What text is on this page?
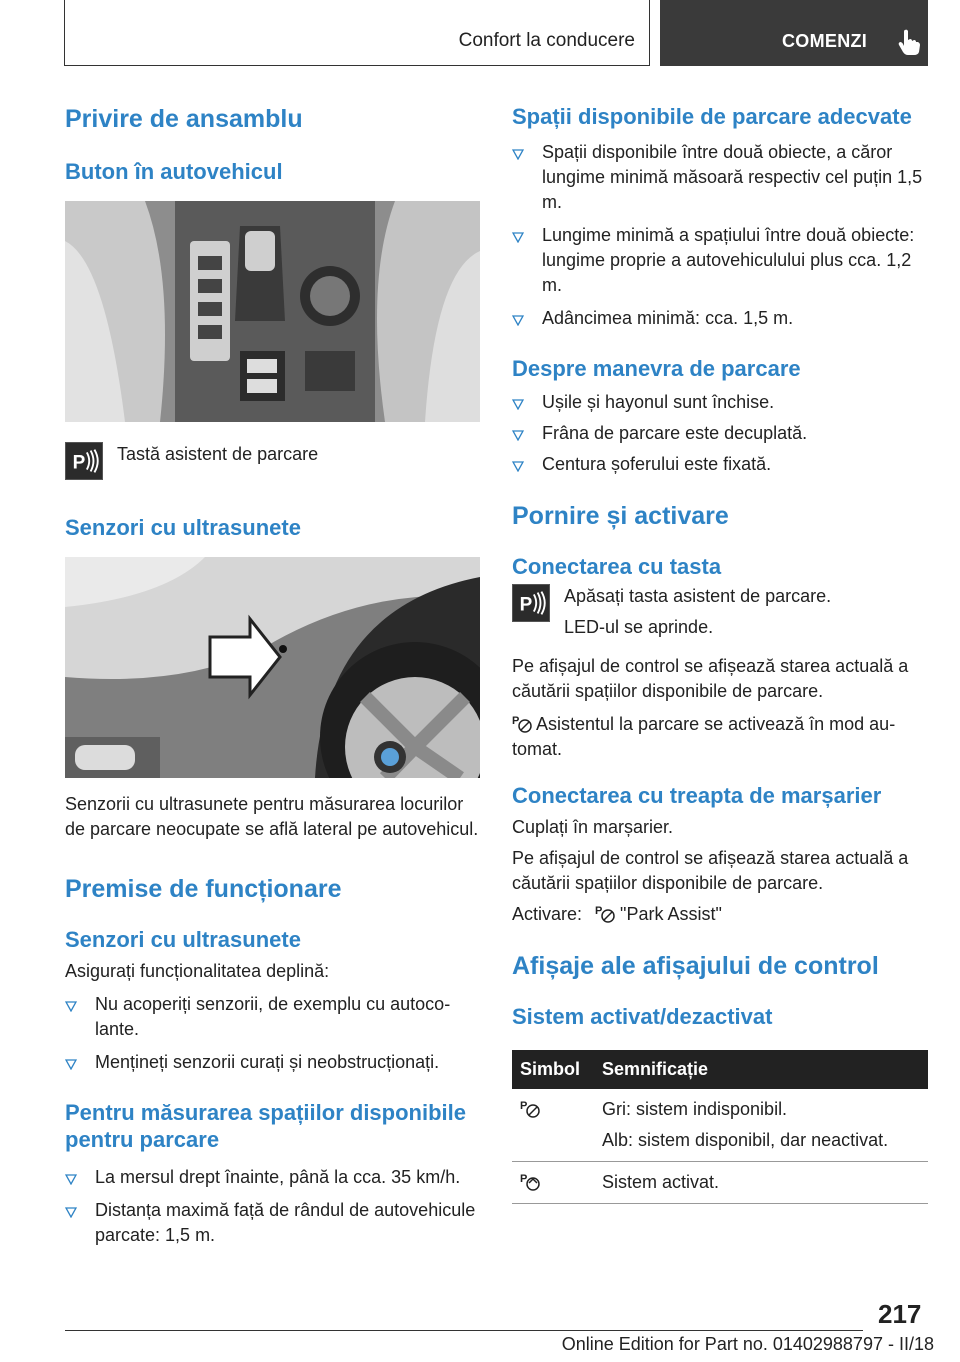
Confort la conducere	COMENZI
Privire de ansamblu
Buton în autovehicul
P	Tastă asistent de parcare
Senzori cu ultrasunete
Senzorii cu ultrasunete pentru măsurarea locurilor de parcare neocupate se află lateral pe autovehicul.
Premise de funcționare
Senzori cu ultrasunete
Asigurați funcționalitatea deplină:
Nu acoperiți senzorii, de exemplu cu autocolante.
Mențineți senzorii curați și neobstrucționați.
Pentru măsurarea spațiilor disponibile pentru parcare
La mersul drept înainte, până la cca. 35 km/h.
Distanța maximă față de rândul de autovehicule parcate: 1,5 m.
Spații disponibile de parcare adecvate
Spații disponibile între două obiecte, a căror lungime minimă măsoară respectiv cel puțin 1,5 m.
Lungime minimă a spațiului între două obiecte: lungime proprie a autovehiculului plus cca. 1,2 m.
Adâncimea minimă: cca. 1,5 m.
Despre manevra de parcare
Ușile și hayonul sunt închise.
Frâna de parcare este decuplată.
Centura șoferului este fixată.
Pornire și activare
Conectarea cu tasta
P	Apăsați tasta asistent de parcare.
LED-ul se aprinde.
Pe afișajul de control se afișează starea actuală a căutării spațiilor disponibile de parcare.
P Asistentul la parcare se activează în mod automat.
Conectarea cu treapta de marșarier
Cuplați în marșarier.
Pe afișajul de control se afișează starea actuală a căutării spațiilor disponibile de parcare.
Activare: P "Park Assist"
Afișaje ale afișajului de control
Sistem activat/dezactivat
Simbol	Semnificație

P	Gri: sistem indisponibil.
Alb: sistem disponibil, dar neactivat.

P	Sistem activat.
217
Online Edition for Part no. 01402988797 - II/18
